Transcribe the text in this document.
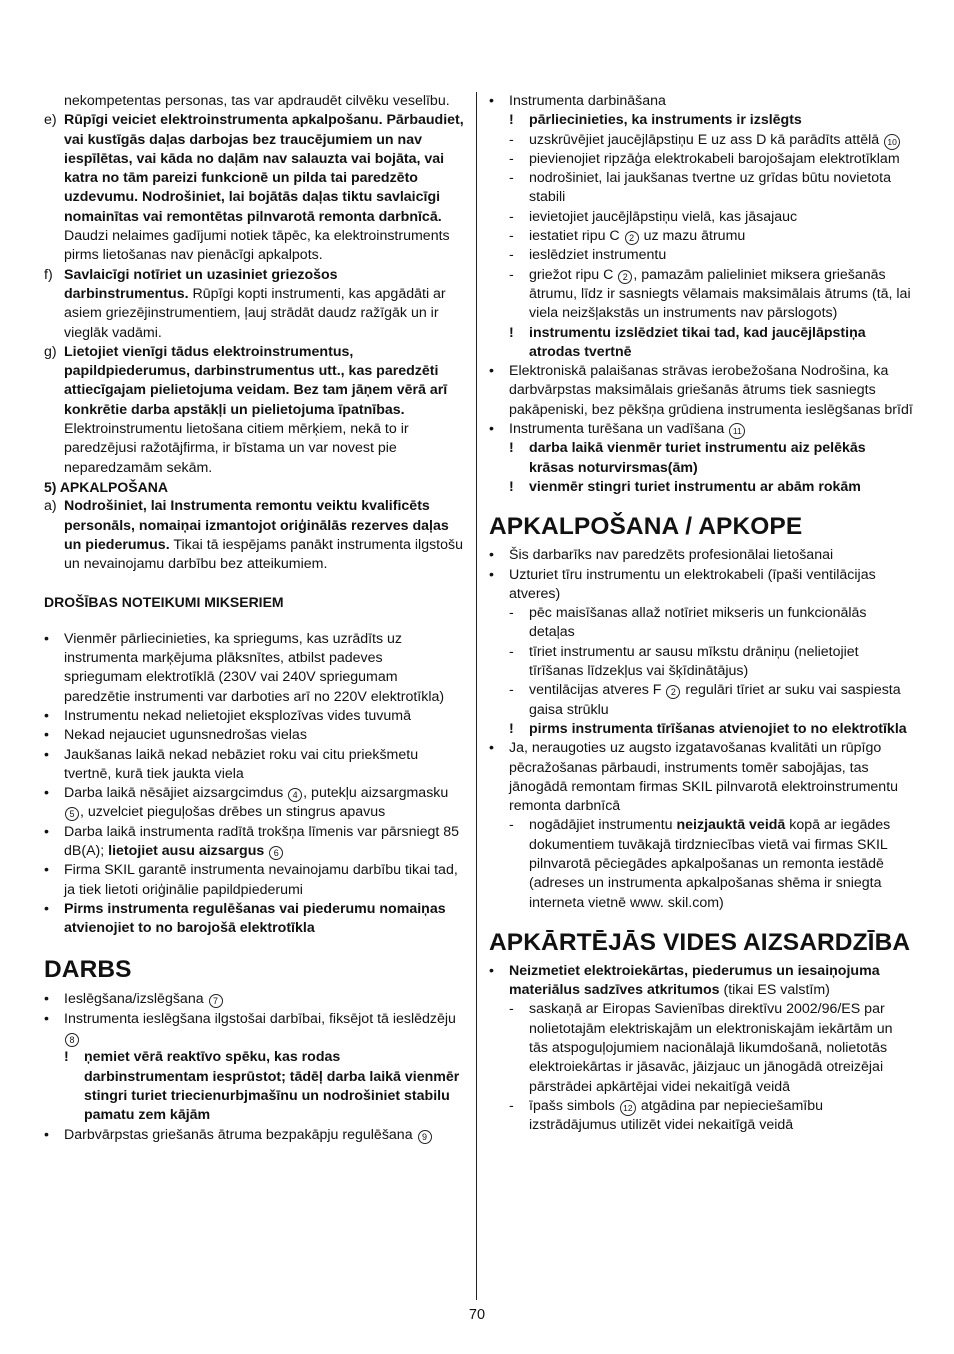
nekompetentas personas, tas var apdraudēt cilvēku veselību.
e) Rūpīgi veiciet elektroinstrumenta apkalpošanu. Pārbaudiet, vai kustīgās daļas darbojas bez traucējumiem un nav iespīlētas, vai kāda no daļām nav salauzta vai bojāta, vai katra no tām pareizi funkcionē un pilda tai paredzēto uzdevumu. Nodrošiniet, lai bojātās daļas tiktu savlaicīgi nomainītas vai remontētas pilnvarotā remonta darbnīcā. Daudzi nelaimes gadījumi notiek tāpēc, ka elektroinstruments pirms lietošanas nav pienācīgi apkalpots.
f) Savlaicīgi notīriet un uzasiniet griezošos darbinstrumentus. Rūpīgi kopti instrumenti, kas apgādāti ar asiem griezējinstrumentiem, ļauj strādāt daudz ražīgāk un ir vieglāk vadāmi.
g) Lietojiet vienīgi tādus elektroinstrumentus, papildpiederumus, darbinstrumentus utt., kas paredzēti attiecīgajam pielietojuma veidam. Bez tam jāņem vērā arī konkrētie darba apstākļi un pielietojuma īpatnības. Elektroinstrumentu lietošana citiem mērķiem, nekā to ir paredzējusi ražotājfirma, ir bīstama un var novest pie neparedzamām sekām.
5) APKALPOŠANA
a) Nodrošiniet, lai Instrumenta remontu veiktu kvalificēts personāls, nomaiņai izmantojot oriģinālās rezerves daļas un piederumus. Tikai tā iespējams panākt instrumenta ilgstošu un nevainojamu darbību bez atteikumiem.
DROŠĪBAS NOTEIKUMI MIKSERIEM
• Vienmēr pārliecinieties, ka spriegums, kas uzrādīts uz instrumenta marķējuma plāksnītes, atbilst padeves spriegumam elektrotīklā (230V vai 240V spriegumam paredzētie instrumenti var darboties arī no 220V elektrotīkla)
• Instrumentu nekad nelietojiet eksplozīvas vides tuvumā
• Nekad nejauciet ugunsnedrošas vielas
• Jaukšanas laikā nekad nebāziet roku vai citu priekšmetu tvertnē, kurā tiek jaukta viela
• Darba laikā nēsājiet aizsargcimdus 4 , putekļu aizsargmasku 5 , uzvelciet pieguļošas drēbes un stingrus apavus
• Darba laikā instrumenta radītā trokšņa līmenis var pārsniegt 85 dB(A); lietojiet ausu aizsargus 6
• Firma SKIL garantē instrumenta nevainojamu darbību tikai tad, ja tiek lietoti oriģinālie papildpiederumi
• Pirms instrumenta regulēšanas vai piederumu nomaiņas atvienojiet to no barojošā elektrotīkla
DARBS
• Ieslēgšana/izslēgšana 7
• Instrumenta ieslēgšana ilgstošai darbībai, fiksējot tā ieslēdzēju 8
! ņemiet vērā reaktīvo spēku, kas rodas darbinstrumentam iesprūstot; tādēļ darba laikā vienmēr stingri turiet triecienurbjmašīnu un nodrošiniet stabilu pamatu zem kājām
• Darbvārpstas griešanās ātruma bezpakāpju regulēšana 9
• Instrumenta darbināšana
! pārliecinieties, ka instruments ir izslēgts
- uzskrūvējiet jaucējlāpstiņu E uz ass D kā parādīts attēlā 10
- pievienojiet ripzāģa elektrokabeli barojošajam elektrotīklam
- nodrošiniet, lai jaukšanas tvertne uz grīdas būtu novietota stabili
- ievietojiet jaucējlāpstiņu vielā, kas jāsajauc
- iestatiet ripu C 2 uz mazu ātrumu
- ieslēdziet instrumentu
- griežot ripu C 2 , pamazām palieliniet miksera griešanās ātrumu, līdz ir sasniegts vēlamais maksimālais ātrums (tā, lai viela neizšļakstās un instruments nav pārslogots)
! instrumentu izslēdziet tikai tad, kad jaucējlāpstiņa atrodas tvertnē
• Elektroniskā palaišanas strāvas ierobežošana Nodrošina, ka darbvārpstas maksimālais griešanās ātrums tiek sasniegts pakāpeniski, bez pēkšņa grūdiena instrumenta ieslēgšanas brīdī
• Instrumenta turēšana un vadīšana 11
! darba laikā vienmēr turiet instrumentu aiz pelēkās krāsas noturvirsmas(ām)
! vienmēr stingri turiet instrumentu ar abām rokām
APKALPOŠANA / APKOPE
• Šis darbarīks nav paredzēts profesionālai lietošanai
• Uzturiet tīru instrumentu un elektrokabeli (īpaši ventilācijas atveres)
- pēc maisīšanas allaž notīriet mikseris un funkcionālās detaļas
- tīriet instrumentu ar sausu mīkstu drāniņu (nelietojiet tīrīšanas līdzekļus vai šķīdinātājus)
- ventilācijas atveres F 2 regulāri tīriet ar suku vai saspiesta gaisa strūklu
! pirms instrumenta tīrīšanas atvienojiet to no elektrotīkla
• Ja, neraugoties uz augsto izgatavošanas kvalitāti un rūpīgo pēcražošanas pārbaudi, instruments tomēr sabojājas, tas jānogādā remontam firmas SKIL pilnvarotā elektroinstrumentu remonta darbnīcā
- nogādājiet instrumentu neizjauktā veidā kopā ar iegādes dokumentiem tuvākajā tirdzniecības vietā vai firmas SKIL pilnvarotā pēciegādes apkalpošanas un remonta iestādē (adreses un instrumenta apkalpošanas shēma ir sniegta interneta vietnē www. skil.com)
APKĀRTĒJĀS VIDES AIZSARDZĪBA
• Neizmetiet elektroiekārtas, piederumus un iesaiņojuma materiālus sadzīves atkritumos (tikai ES valstīm)
- saskaņā ar Eiropas Savienības direktīvu 2002/96/ES par nolietotajām elektriskajām un elektroniskajām iekārtām un tās atspoguļojumiem nacionālajā likumdošanā, nolietotās elektroiekārtas ir jāsavāc, jāizjauc un jānogādā otreizējai pārstrādei apkārtējai videi nekaitīgā veidā
- īpašs simbols 12 atgādina par nepieciešamību izstrādājumus utilizēt videi nekaitīgā veidā
70
